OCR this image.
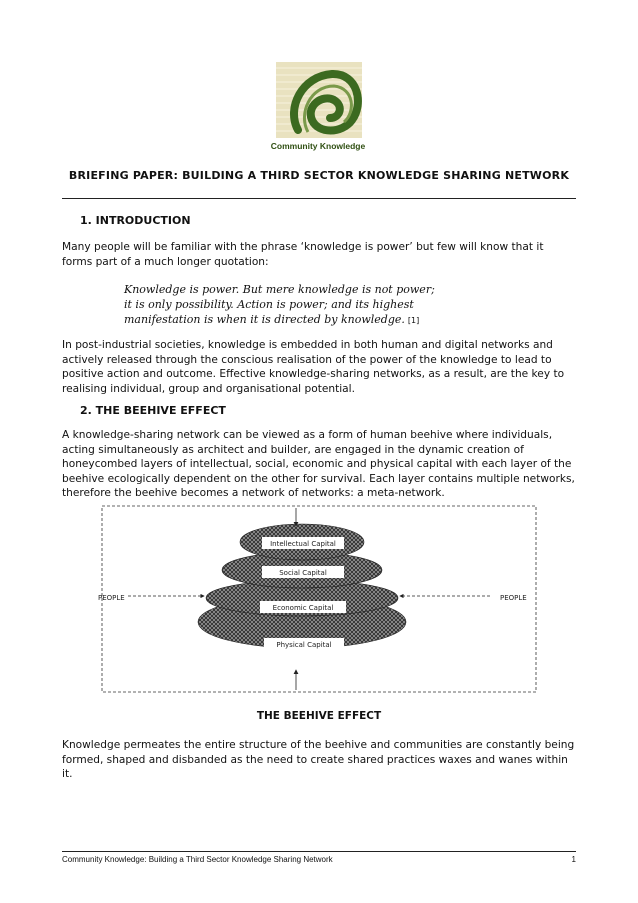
Community Knowledge
BRIEFING PAPER: BUILDING A THIRD SECTOR KNOWLEDGE SHARING NETWORK
1. INTRODUCTION
Many people will be familiar with the phrase ‘knowledge is power’ but few will know that it forms part of a much longer quotation:
Knowledge is power. But mere knowledge is not power;
it is only possibility. Action is power; and its highest
manifestation is when it is directed by knowledge. [1]
In post-industrial societies, knowledge is embedded in both human and digital networks and actively released through the conscious realisation of the power of the knowledge to lead to positive action and outcome. Effective knowledge-sharing networks, as a result, are the key to realising individual, group and organisational potential.
2. THE BEEHIVE EFFECT
A knowledge-sharing network can be viewed as a form of human beehive where individuals, acting simultaneously as architect and builder, are engaged in the dynamic creation of honeycombed layers of intellectual, social, economic and physical capital with each layer of the beehive ecologically dependent on the other for survival. Each layer contains multiple networks, therefore the beehive becomes a network of networks: a meta-network.
Intellectual Capital
Social Capital
Economic Capital
Physical Capital
PEOPLE	PEOPLE
THE BEEHIVE EFFECT
Knowledge permeates the entire structure of the beehive and communities are constantly being formed, shaped and disbanded as the need to create shared practices waxes and wanes within it.
Community Knowledge: Building a Third Sector Knowledge Sharing Network	1
